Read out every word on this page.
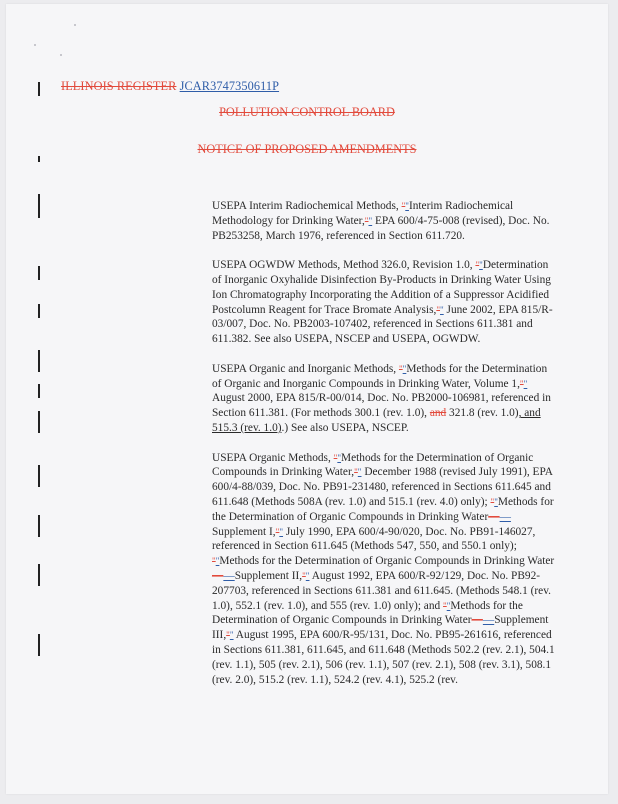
ILLINOIS REGISTER JCAR3747350611P
POLLUTION CONTROL BOARD
NOTICE OF PROPOSED AMENDMENTS

USEPA Interim Radiochemical Methods, ""Interim Radiochemical Methodology for Drinking Water,"" EPA 600/4-75-008 (revised), Doc. No. PB253258, March 1976, referenced in Section 611.720.

USEPA OGWDW Methods, Method 326.0, Revision 1.0, ""Determination of Inorganic Oxyhalide Disinfection By-Products in Drinking Water Using Ion Chromatography Incorporating the Addition of a Suppressor Acidified Postcolumn Reagent for Trace Bromate Analysis,"" June 2002, EPA 815/R-03/007, Doc. No. PB2003-107402, referenced in Sections 611.381 and 611.382. See also USEPA, NSCEP and USEPA, OGWDW.

USEPA Organic and Inorganic Methods, ""Methods for the Determination of Organic and Inorganic Compounds in Drinking Water, Volume 1,"" August 2000, EPA 815/R-00/014, Doc. No. PB2000-106981, referenced in Section 611.381. (For methods 300.1 (rev. 1.0), and 321.8 (rev. 1.0), and 515.3 (rev. 1.0).) See also USEPA, NSCEP.

USEPA Organic Methods, ""Methods for the Determination of Organic Compounds in Drinking Water,"" December 1988 (revised July 1991), EPA 600/4-88/039, Doc. No. PB91-231480, referenced in Sections 611.645 and 611.648 (Methods 508A (rev. 1.0) and 515.1 (rev. 4.0) only); ""Methods for the Determination of Organic Compounds in Drinking Water——Supplement I,"" July 1990, EPA 600/4-90/020, Doc. No. PB91-146027, referenced in Section 611.645 (Methods 547, 550, and 550.1 only); ""Methods for the Determination of Organic Compounds in Drinking Water——Supplement II,"" August 1992, EPA 600/R-92/129, Doc. No. PB92-207703, referenced in Sections 611.381 and 611.645. (Methods 548.1 (rev. 1.0), 552.1 (rev. 1.0), and 555 (rev. 1.0) only); and ""Methods for the Determination of Organic Compounds in Drinking Water——Supplement III,"" August 1995, EPA 600/R-95/131, Doc. No. PB95-261616, referenced in Sections 611.381, 611.645, and 611.648 (Methods 502.2 (rev. 2.1), 504.1 (rev. 1.1), 505 (rev. 2.1), 506 (rev. 1.1), 507 (rev. 2.1), 508 (rev. 3.1), 508.1 (rev. 2.0), 515.2 (rev. 1.1), 524.2 (rev. 4.1), 525.2 (rev.
